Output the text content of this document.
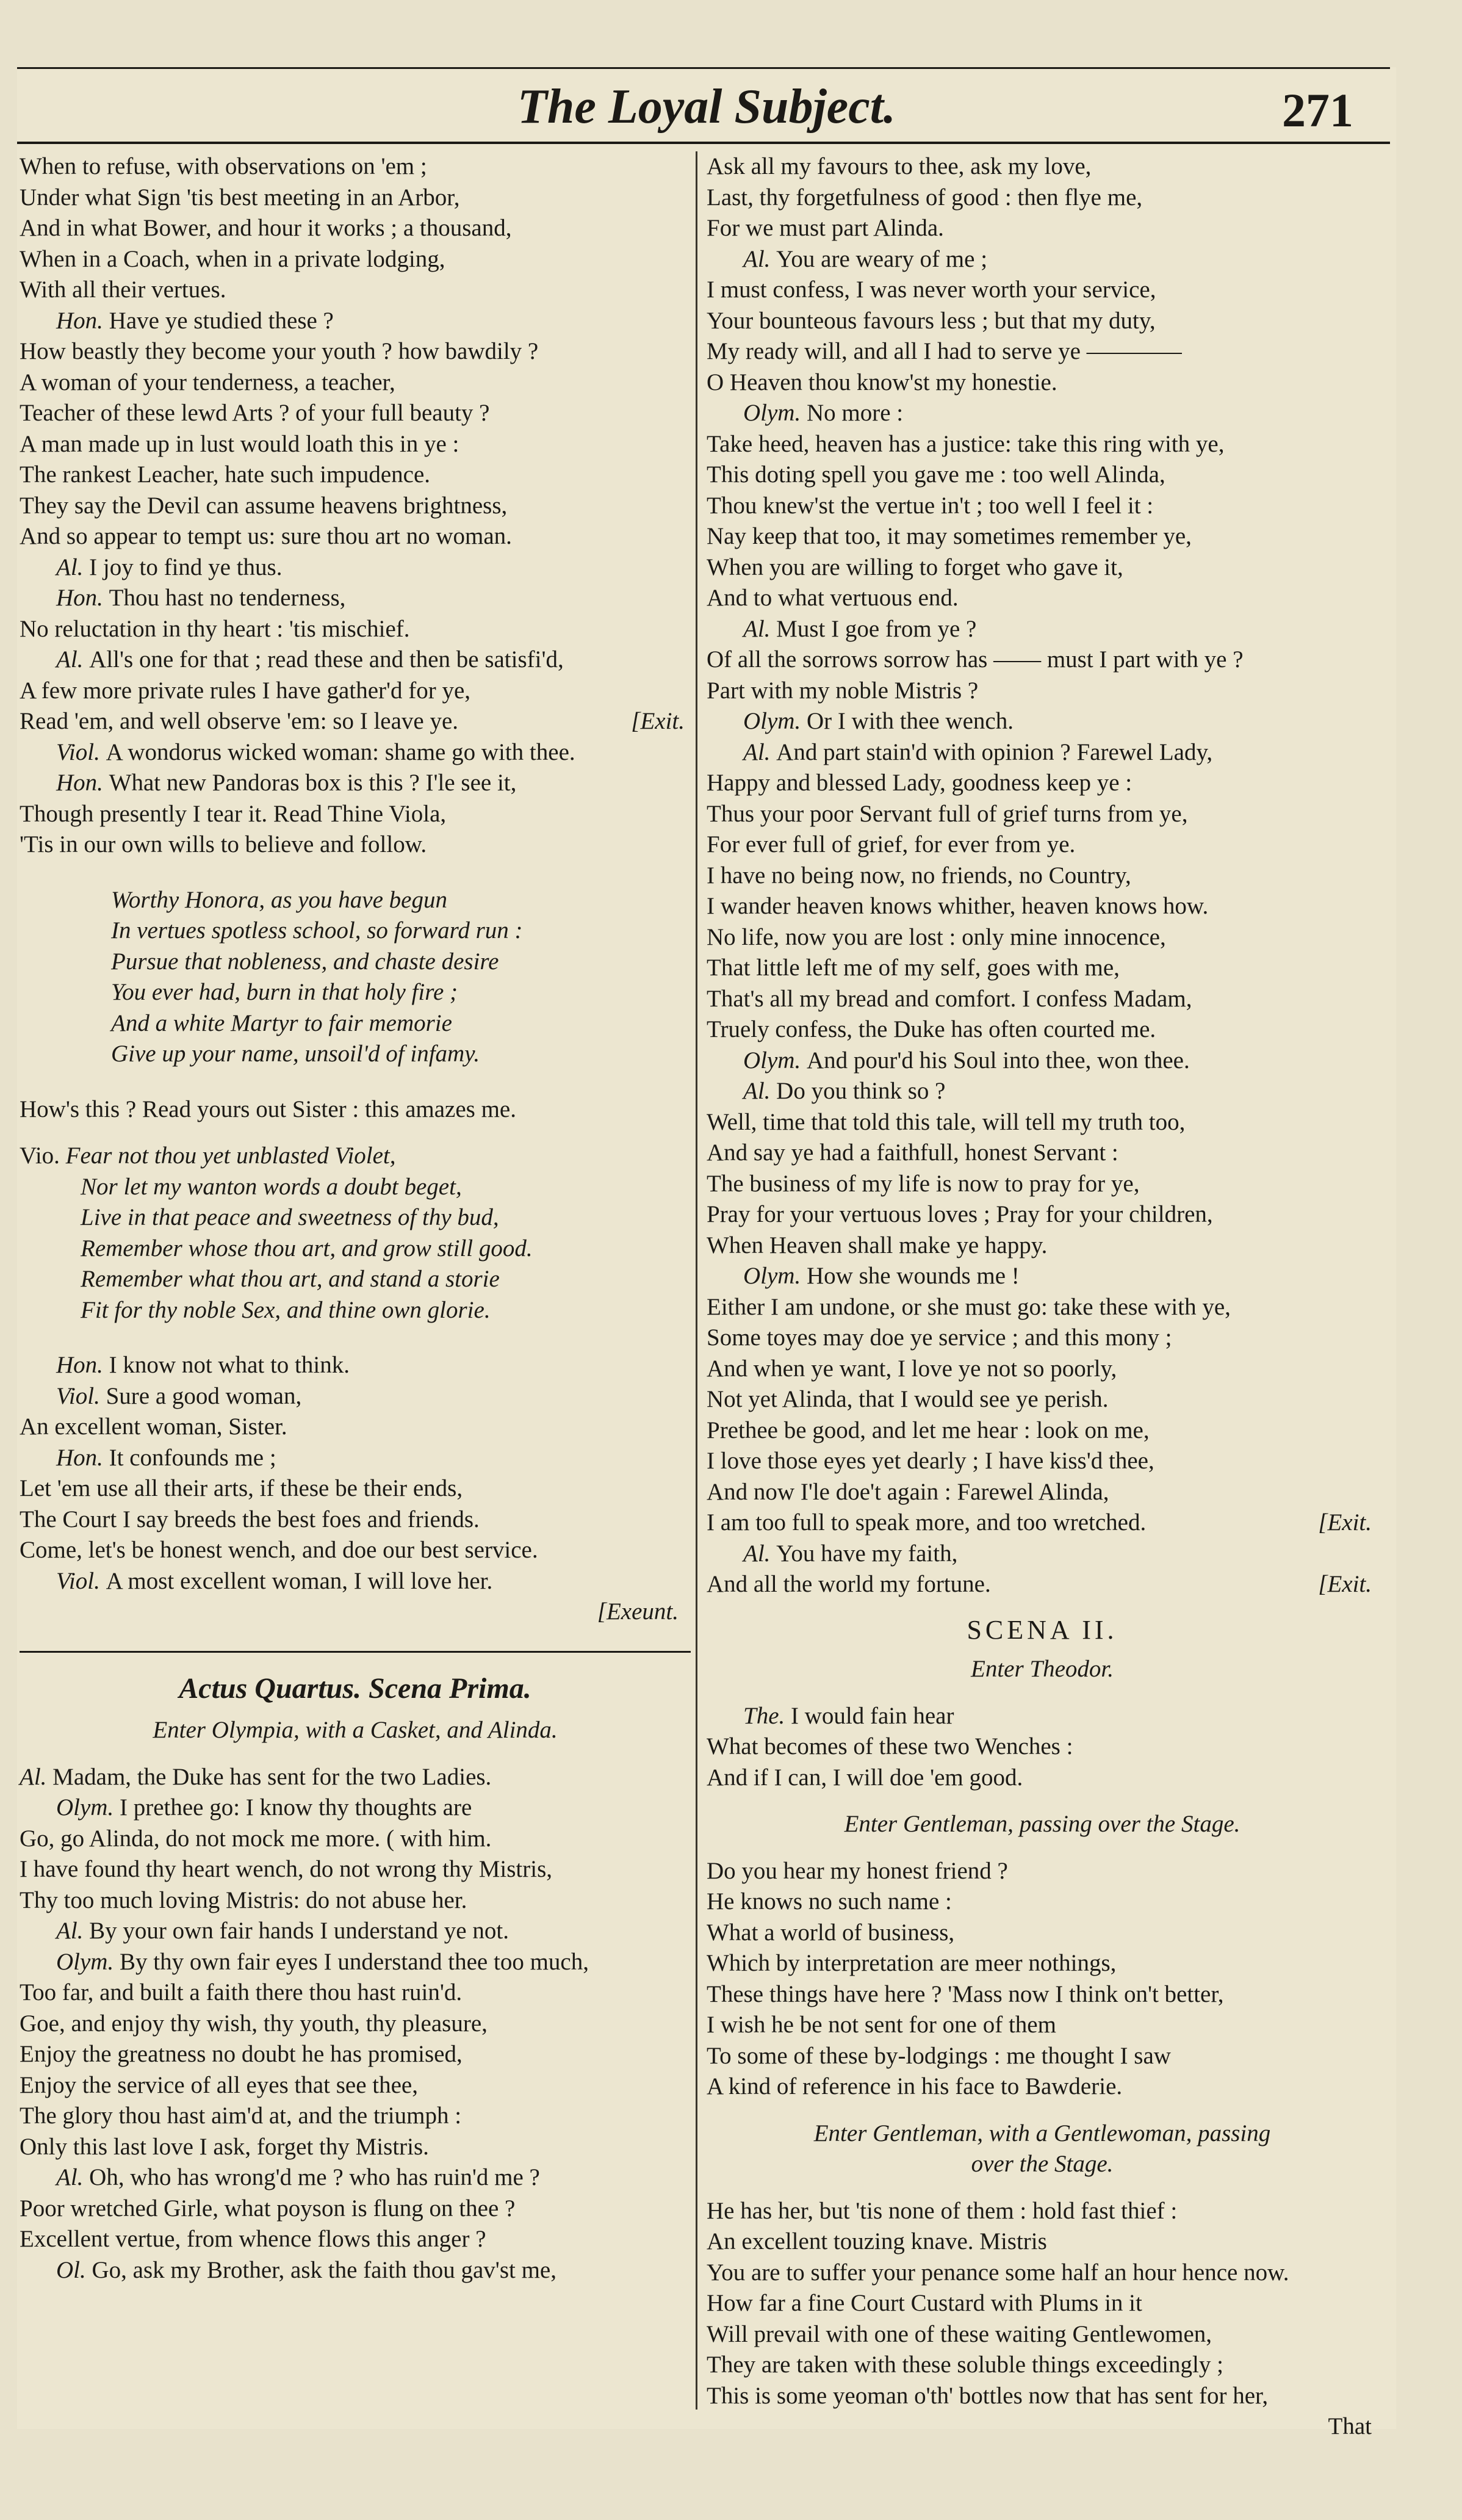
The Loyal Subject.	271
When to refuse, with observations on 'em ;
Under what Sign 'tis best meeting in an Arbor,
And in what Bower, and hour it works ; a thousand,
When in a Coach, when in a private lodging,
With all their vertues.
Hon. Have ye studied these ?
How beastly they become your youth ? how bawdily ?
A woman of your tenderness, a teacher,
Teacher of these lewd Arts ? of your full beauty ?
A man made up in lust would loath this in ye :
The rankest Leacher, hate such impudence.
They say the Devil can assume heavens brightness,
And so appear to tempt us: sure thou art no woman.
Al. I joy to find ye thus.
Hon. Thou hast no tenderness,
No reluctation in thy heart : 'tis mischief.
Al. All's one for that ; read these and then be satisfi'd,
A few more private rules I have gather'd for ye,
Read 'em, and well observe 'em: so I leave ye.	[Exit.
Viol. A wondorus wicked woman: shame go with thee.
Hon. What new Pandoras box is this ? I'le see it,
Though presently I tear it. Read Thine Viola,
'Tis in our own wills to believe and follow.
Worthy Honora, as you have begun
In vertues spotless school, so forward run :
Pursue that nobleness, and chaste desire
You ever had, burn in that holy fire ;
And a white Martyr to fair memorie
Give up your name, unsoil'd of infamy.
How's this ? Read yours out Sister : this amazes me.
Vio. Fear not thou yet unblasted Violet,
Nor let my wanton words a doubt beget,
Live in that peace and sweetness of thy bud,
Remember whose thou art, and grow still good.
Remember what thou art, and stand a storie
Fit for thy noble Sex, and thine own glorie.
Hon. I know not what to think.
Viol. Sure a good woman,
An excellent woman, Sister.
Hon. It confounds me ;
Let 'em use all their arts, if these be their ends,
The Court I say breeds the best foes and friends.
Come, let's be honest wench, and doe our best service.
Viol. A most excellent woman, I will love her.
[Exeunt.
Actus Quartus. Scena Prima.
Enter Olympia, with a Casket, and Alinda.
Al. Madam, the Duke has sent for the two Ladies.
Olym. I prethee go: I know thy thoughts are
Go, go Alinda, do not mock me more. ( with him.
I have found thy heart wench, do not wrong thy Mistris,
Thy too much loving Mistris: do not abuse her.
Al. By your own fair hands I understand ye not.
Olym. By thy own fair eyes I understand thee too much,
Too far, and built a faith there thou hast ruin'd.
Goe, and enjoy thy wish, thy youth, thy pleasure,
Enjoy the greatness no doubt he has promised,
Enjoy the service of all eyes that see thee,
The glory thou hast aim'd at, and the triumph :
Only this last love I ask, forget thy Mistris.
Al. Oh, who has wrong'd me ? who has ruin'd me ?
Poor wretched Girle, what poyson is flung on thee ?
Excellent vertue, from whence flows this anger ?
Ol. Go, ask my Brother, ask the faith thou gav'st me,
Ask all my favours to thee, ask my love,
Last, thy forgetfulness of good : then flye me,
For we must part Alinda.
Al. You are weary of me ;
I must confess, I was never worth your service,
Your bounteous favours less ; but that my duty,
My ready will, and all I had to serve ye ————
O Heaven thou know'st my honestie.
Olym. No more :
Take heed, heaven has a justice: take this ring with ye,
This doting spell you gave me : too well Alinda,
Thou knew'st the vertue in't ; too well I feel it :
Nay keep that too, it may sometimes remember ye,
When you are willing to forget who gave it,
And to what vertuous end.
Al. Must I goe from ye ?
Of all the sorrows sorrow has —— must I part with ye ?
Part with my noble Mistris ?
Olym. Or I with thee wench.
Al. And part stain'd with opinion ? Farewel Lady,
Happy and blessed Lady, goodness keep ye :
Thus your poor Servant full of grief turns from ye,
For ever full of grief, for ever from ye.
I have no being now, no friends, no Country,
I wander heaven knows whither, heaven knows how.
No life, now you are lost : only mine innocence,
That little left me of my self, goes with me,
That's all my bread and comfort. I confess Madam,
Truely confess, the Duke has often courted me.
Olym. And pour'd his Soul into thee, won thee.
Al. Do you think so ?
Well, time that told this tale, will tell my truth too,
And say ye had a faithfull, honest Servant :
The business of my life is now to pray for ye,
Pray for your vertuous loves ; Pray for your children,
When Heaven shall make ye happy.
Olym. How she wounds me !
Either I am undone, or she must go: take these with ye,
Some toyes may doe ye service ; and this mony ;
And when ye want, I love ye not so poorly,
Not yet Alinda, that I would see ye perish.
Prethee be good, and let me hear : look on me,
I love those eyes yet dearly ; I have kiss'd thee,
And now I'le doe't again : Farewel Alinda,
I am too full to speak more, and too wretched.	[Exit.
Al. You have my faith,
And all the world my fortune.	[Exit.
SCENA II.
Enter Theodor.
The. I would fain hear
What becomes of these two Wenches :
And if I can, I will doe 'em good.
Enter Gentleman, passing over the Stage.
Do you hear my honest friend ?
He knows no such name :
What a world of business,
Which by interpretation are meer nothings,
These things have here ? 'Mass now I think on't better,
I wish he be not sent for one of them
To some of these by-lodgings : me thought I saw
A kind of reference in his face to Bawderie.
Enter Gentleman, with a Gentlewoman, passing
over the Stage.
He has her, but 'tis none of them : hold fast thief :
An excellent touzing knave. Mistris
You are to suffer your penance some half an hour hence now.
How far a fine Court Custard with Plums in it
Will prevail with one of these waiting Gentlewomen,
They are taken with these soluble things exceedingly ;
This is some yeoman o'th' bottles now that has sent for her,
That
